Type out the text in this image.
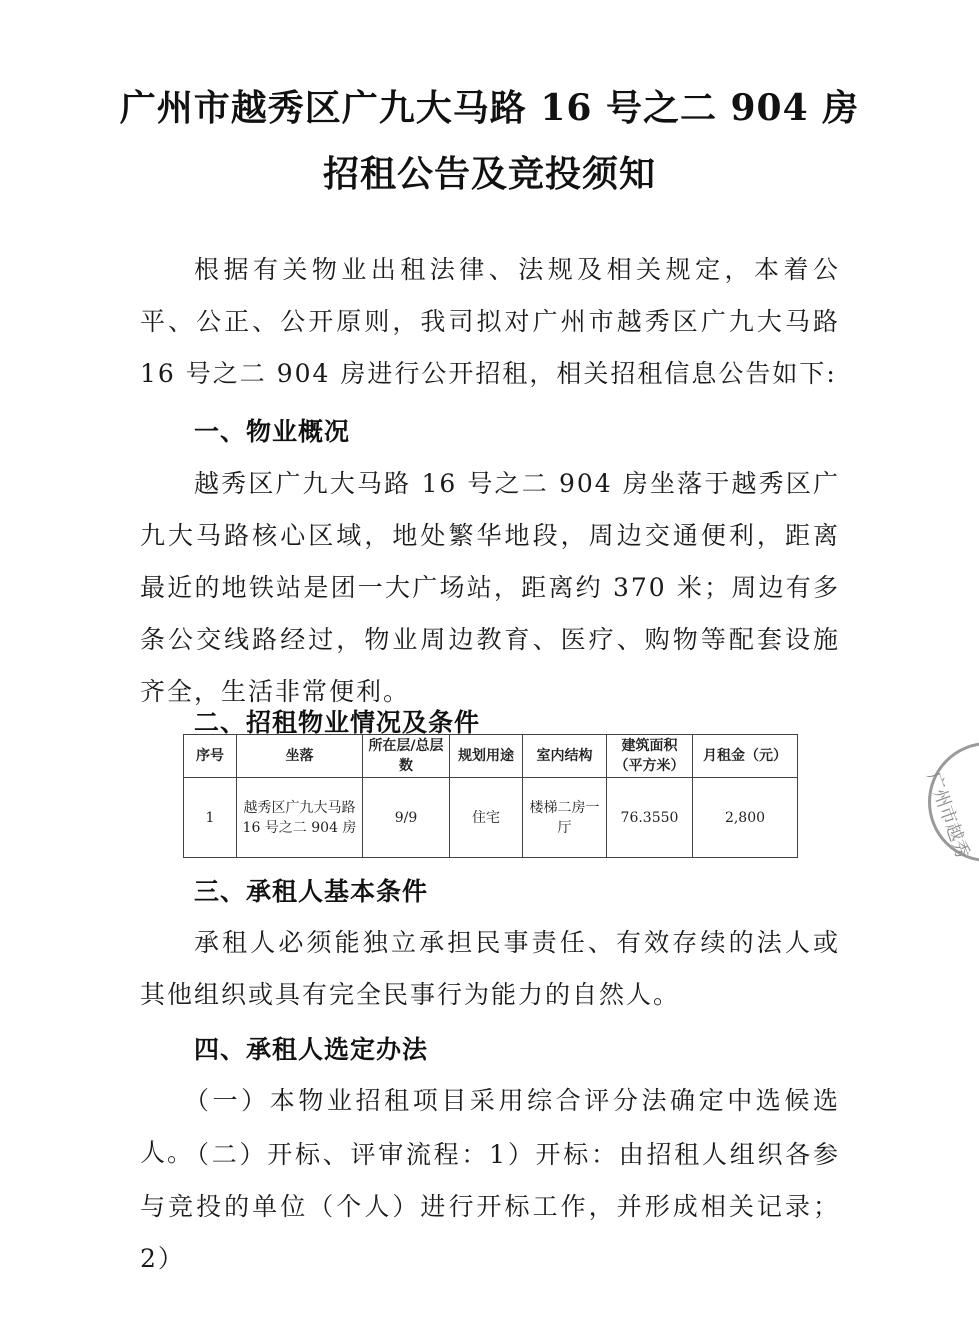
广州市越秀区广九大马路 16 号之二 904 房
招租公告及竞投须知
根据有关物业出租法律、法规及相关规定，本着公平、公正、公开原则，我司拟对广州市越秀区广九大马路 16 号之二 904 房进行公开招租，相关招租信息公告如下:
一、物业概况
越秀区广九大马路 16 号之二 904 房坐落于越秀区广九大马路核心区域，地处繁华地段，周边交通便利，距离最近的地铁站是团一大广场站，距离约 370 米；周边有多条公交线路经过，物业周边教育、医疗、购物等配套设施齐全，生活非常便利。
二、招租物业情况及条件
序号	坐落	所在层/总层数	规划用途	室内结构	建筑面积（平方米）	月租金（元）
1	越秀区广九大马路 16 号之二 904 房	9/9	住宅	楼梯二房一厅	76.3550	2,800
三、承租人基本条件
承租人必须能独立承担民事责任、有效存续的法人或其他组织或具有完全民事行为能力的自然人。
四、承租人选定办法
（一）本物业招租项目采用综合评分法确定中选候选人。
（二）开标、评审流程：1）开标：由招租人组织各参与竞投的单位（个人）进行开标工作，并形成相关记录；2）
广州市越秀
